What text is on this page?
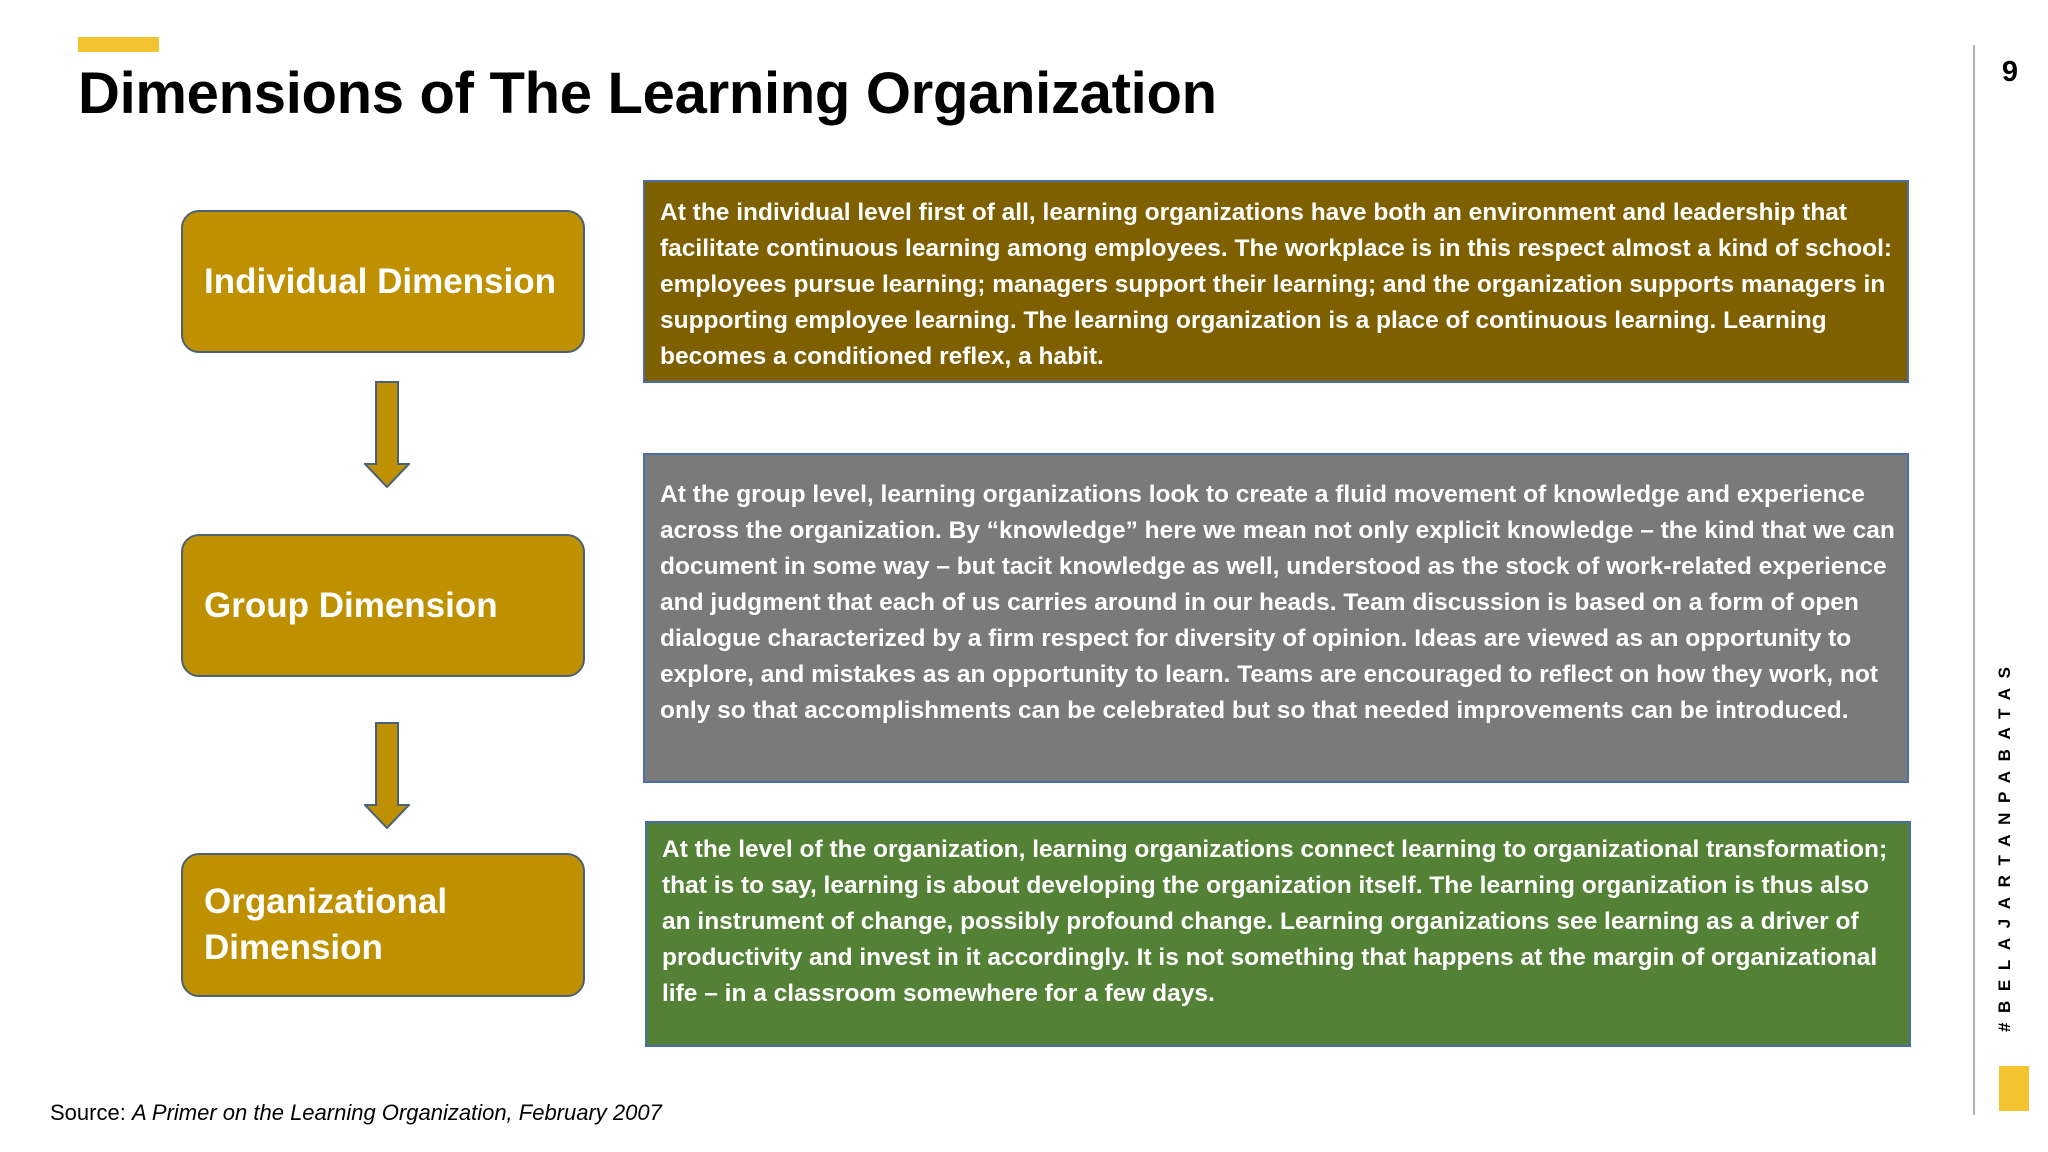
Dimensions of The Learning Organization	9
#BELAJARTANPABATAS
Individual Dimension
Group Dimension
Organizational Dimension

At the individual level first of all, learning organizations have both an environment and leadership that facilitate continuous learning among employees. The workplace is in this respect almost a kind of school: employees pursue learning; managers support their learning; and the organization supports managers in supporting employee learning. The learning organization is a place of continuous learning. Learning becomes a conditioned reflex, a habit.

At the group level, learning organizations look to create a fluid movement of knowledge and experience across the organization. By “knowledge” here we mean not only explicit knowledge – the kind that we can document in some way – but tacit knowledge as well, understood as the stock of work-related experience and judgment that each of us carries around in our heads. Team discussion is based on a form of open dialogue characterized by a firm respect for diversity of opinion. Ideas are viewed as an opportunity to explore, and mistakes as an opportunity to learn. Teams are encouraged to reflect on how they work, not only so that accomplishments can be celebrated but so that needed improvements can be introduced.

At the level of the organization, learning organizations connect learning to organizational transformation; that is to say, learning is about developing the organization itself. The learning organization is thus also an instrument of change, possibly profound change. Learning organizations see learning as a driver of productivity and invest in it accordingly. It is not something that happens at the margin of organizational life – in a classroom somewhere for a few days.

Source: A Primer on the Learning Organization, February 2007
